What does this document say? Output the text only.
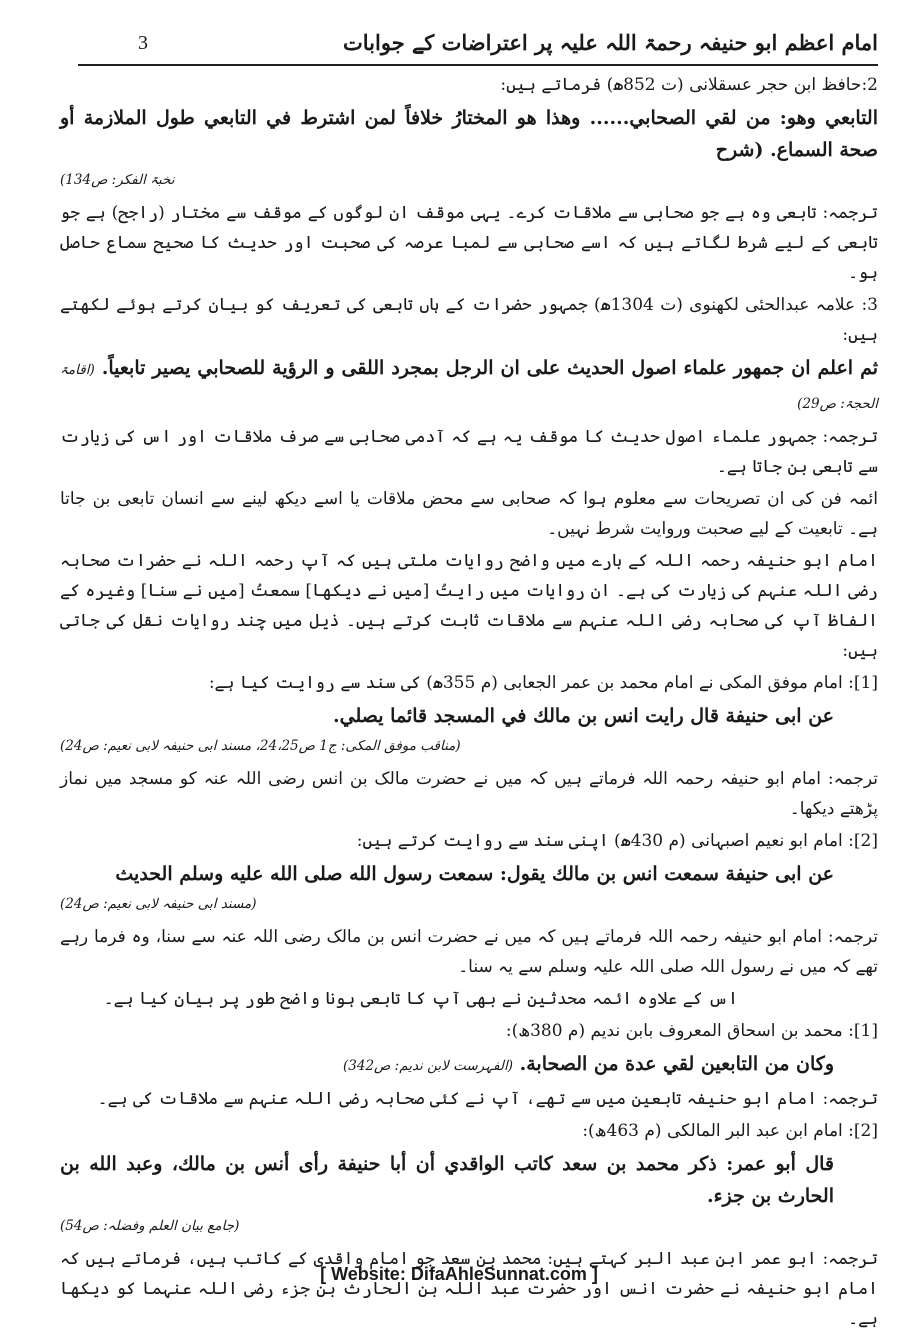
امام اعظم ابو حنیفہ رحمۃ اللہ علیہ پر اعتراضات کے جوابات
3

2:حافظ ابن حجر عسقلانی (ت 852ھ) فرماتے ہیں:

التابعي وهو: من لقي الصحابي...... وهذا هو المختارُ خلافاً لمن اشترط في التابعي طول الملازمة أو صحة السماع. (شرح

نخبۃ الفکر: ص134)

ترجمہ: تابعی وہ ہے جو صحابی سے ملاقات کرے۔ یہی موقف ان لوگوں کے موقف سے مختار (راجح) ہے جو تابعی کے لیے شرط لگاتے ہیں کہ اسے صحابی سے لمبا عرصہ کی صحبت اور حدیث کا صحیح سماع حاصل ہو۔

3: علامہ عبدالحئی لکھنوی (ت 1304ھ) جمہور حضرات کے ہاں تابعی کی تعریف کو بیان کرتے ہوئے لکھتے ہیں:

ثم اعلم ان جمهور علماء اصول الحديث علی ان الرجل بمجرد اللقی و الرؤية للصحابي يصير تابعياً. (اقامۃ الحجۃ: ص29)

ترجمہ: جمہور علماء اصول حدیث کا موقف یہ ہے کہ آدمی صحابی سے صرف ملاقات اور اس کی زیارت سے تابعی بن جاتا ہے۔

ائمہ فن کی ان تصریحات سے معلوم ہوا کہ صحابی سے محض ملاقات یا اسے دیکھ لینے سے انسان تابعی بن جاتا ہے۔ تابعیت کے لیے صحبت وروایت شرط نہیں۔

امام ابو حنیفہ رحمہ اللہ کے بارے میں واضح روایات ملتی ہیں کہ آپ رحمہ اللہ نے حضرات صحابہ رضی اللہ عنہم کی زیارت کی ہے۔ ان روایات میں رایتُ [میں نے دیکھا] سمعتُ [میں نے سنا] وغیرہ کے الفاظ آپ کی صحابہ رضی اللہ عنہم سے ملاقات ثابت کرتے ہیں۔ ذیل میں چند روایات نقل کی جاتی ہیں:

[1]: امام موفق المکی نے امام محمد بن عمر الجعابی (م 355ھ) کی سند سے روایت کیا ہے:

عن ابی حنيفة قال رايت انس بن مالك في المسجد قائما يصلي.

(مناقب موفق المکی: ج1 ص24،25، مسند ابی حنیفہ لابی نعیم: ص24)

ترجمہ: امام ابو حنیفہ رحمہ اللہ فرماتے ہیں کہ میں نے حضرت مالک بن انس رضی اللہ عنہ کو مسجد میں نماز پڑھتے دیکھا۔

[2]: امام ابو نعیم اصبہانی (م 430ھ) اپنی سند سے روایت کرتے ہیں:

عن ابی حنيفة سمعت انس بن مالك يقول: سمعت رسول الله صلی الله عليه وسلم الحديث

(مسند ابی حنیفہ لابی نعیم: ص24)

ترجمہ: امام ابو حنیفہ رحمہ اللہ فرماتے ہیں کہ میں نے حضرت انس بن مالک رضی اللہ عنہ سے سنا، وہ فرما رہے تھے کہ میں نے رسول اللہ صلی اللہ علیہ وسلم سے یہ سنا۔

اس کے علاوہ ائمہ محدثین نے بھی آپ کا تابعی ہونا واضح طور پر بیان کیا ہے۔

[1]: محمد بن اسحاق المعروف بابن ندیم (م 380ھ):

وكان من التابعين لقي عدة من الصحابة. (الفہرست لابن ندیم: ص342)

ترجمہ: امام ابو حنیفہ تابعین میں سے تھے، آپ نے کئی صحابہ رضی اللہ عنہم سے ملاقات کی ہے۔

[2]: امام ابن عبد البر المالکی (م 463ھ):

قال أبو عمر: ذكر محمد بن سعد كاتب الواقدي أن أبا حنيفة رأى أنس بن مالك، وعبد الله بن الحارث بن جزء.

(جامع بیان العلم وفضلہ: ص54)

ترجمہ: ابو عمر ابن عبد البر کہتے ہیں: محمد بن سعد جو امام واقدی کے کاتب ہیں، فرماتے ہیں کہ امام ابو حنیفہ نے حضرت انس اور حضرت عبد اللہ بن الحارث بن جزء رضی اللہ عنہما کو دیکھا ہے۔

[ Website: DifaAhleSunnat.com ]
